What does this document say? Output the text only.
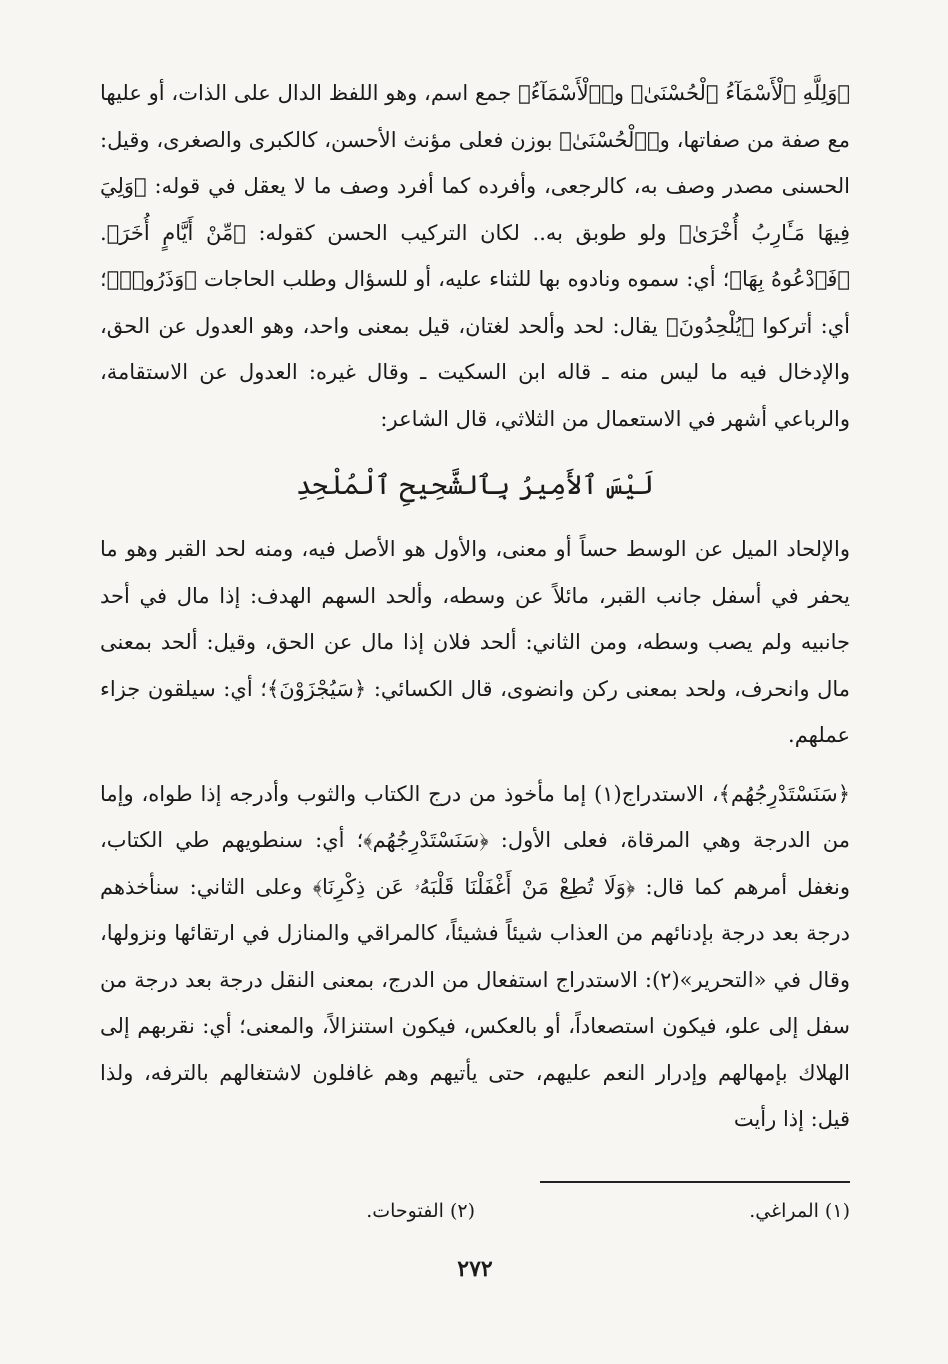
﴿وَلِلَّهِ ٱلْأَسْمَآءُ ٱلْحُسْنَىٰ﴾ و﴿ٱلْأَسْمَآءُ﴾ جمع اسم، وهو اللفظ الدال على الذات، أو عليها مع صفة من صفاتها، و﴿ٱلْحُسْنَىٰ﴾ بوزن فعلى مؤنث الأحسن، كالكبرى والصغرى، وقيل: الحسنى مصدر وصف به، كالرجعى، وأفرده كما أفرد وصف ما لا يعقل في قوله: ﴿وَلِيَ فِيهَا مَـَٔارِبُ أُخْرَىٰ﴾ ولو طوبق به.. لكان التركيب الحسن كقوله: ﴿مِّنْ أَيَّامٍ أُخَرَ﴾. ﴿فَٱدْعُوهُ بِهَا﴾؛ أي: سموه ونادوه بها للثناء عليه، أو للسؤال وطلب الحاجات ﴿وَذَرُوا۟﴾؛ أي: أتركوا ﴿يُلْحِدُونَ﴾ يقال: لحد وألحد لغتان، قيل بمعنى واحد، وهو العدول عن الحق، والإدخال فيه ما ليس منه ـ قاله ابن السكيت ـ وقال غيره: العدول عن الاستقامة، والرباعي أشهر في الاستعمال من الثلاثي، قال الشاعر:

لَيْسَ ٱلأَمِيرُ بِٱلشَّحِيحِ ٱلْمُلْحِدِ

والإلحاد الميل عن الوسط حساً أو معنى، والأول هو الأصل فيه، ومنه لحد القبر وهو ما يحفر في أسفل جانب القبر، مائلاً عن وسطه، وألحد السهم الهدف: إذا مال في أحد جانبيه ولم يصب وسطه، ومن الثاني: ألحد فلان إذا مال عن الحق، وقيل: ألحد بمعنى مال وانحرف، ولحد بمعنى ركن وانضوى، قال الكسائي: ﴿سَيُجْزَوْنَ﴾؛ أي: سيلقون جزاء عملهم.

﴿سَنَسْتَدْرِجُهُم﴾، الاستدراج(١) إما مأخوذ من درج الكتاب والثوب وأدرجه إذا طواه، وإما من الدرجة وهي المرقاة، فعلى الأول: ﴿سَنَسْتَدْرِجُهُم﴾؛ أي: سنطويهم طي الكتاب، ونغفل أمرهم كما قال: ﴿وَلَا تُطِعْ مَنْ أَغْفَلْنَا قَلْبَهُۥ عَن ذِكْرِنَا﴾ وعلى الثاني: سنأخذهم درجة بعد درجة بإدنائهم من العذاب شيئاً فشيئاً، كالمراقي والمنازل في ارتقائها ونزولها، وقال في «التحرير»(٢): الاستدراج استفعال من الدرج، بمعنى النقل درجة بعد درجة من سفل إلى علو، فيكون استصعاداً، أو بالعكس، فيكون استنزالاً، والمعنى؛ أي: نقربهم إلى الهلاك بإمهالهم وإدرار النعم عليهم، حتى يأتيهم وهم غافلون لاشتغالهم بالترفه، ولذا قيل: إذا رأيت

(١) المراغي.
(٢) الفتوحات.
٢٧٢
